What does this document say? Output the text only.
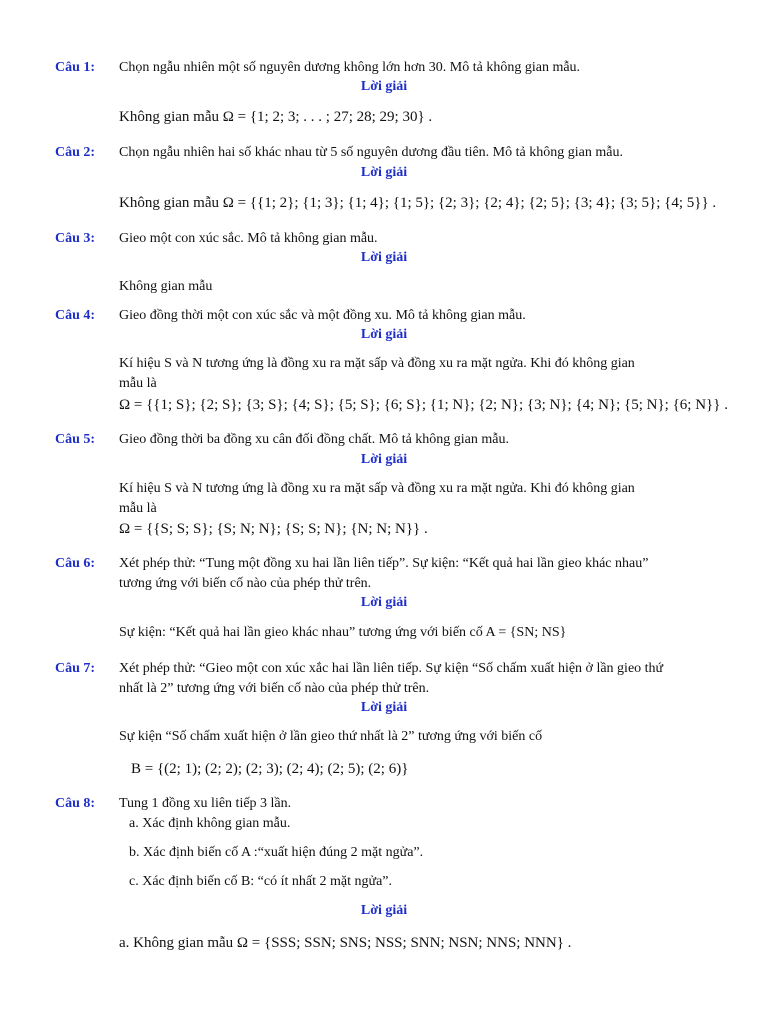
Câu 1: Chọn ngẫu nhiên một số nguyên dương không lớn hơn 30. Mô tả không gian mẫu.
Lời giải
Không gian mẫu Ω = {1; 2; 3; . . . ; 27; 28; 29; 30} .
Câu 2: Chọn ngẫu nhiên hai số khác nhau từ 5 số nguyên dương đầu tiên. Mô tả không gian mẫu.
Lời giải
Không gian mẫu Ω = {{1; 2}; {1; 3}; {1; 4}; {1; 5}; {2; 3}; {2; 4}; {2; 5}; {3; 4}; {3; 5}; {4; 5}} .
Câu 3: Gieo một con xúc sắc. Mô tả không gian mẫu.
Lời giải
Không gian mẫu
Câu 4: Gieo đồng thời một con xúc sắc và một đồng xu. Mô tả không gian mẫu.
Lời giải
Kí hiệu S và N tương ứng là đồng xu ra mặt sấp và đồng xu ra mặt ngửa. Khi đó không gian
mẫu là
Ω = {{1; S}; {2; S}; {3; S}; {4; S}; {5; S}; {6; S}; {1; N}; {2; N}; {3; N}; {4; N}; {5; N}; {6; N}} .
Câu 5: Gieo đồng thời ba đồng xu cân đối đồng chất. Mô tả không gian mẫu.
Lời giải
Kí hiệu S và N tương ứng là đồng xu ra mặt sấp và đồng xu ra mặt ngửa. Khi đó không gian
mẫu là
Ω = {{S; S; S}; {S; N; N}; {S; S; N}; {N; N; N}} .
Câu 6: Xét phép thử: “Tung một đồng xu hai lần liên tiếp”. Sự kiện: “Kết quả hai lần gieo khác nhau”
tương ứng với biến cố nào của phép thử trên.
Lời giải
Sự kiện: “Kết quả hai lần gieo khác nhau” tương ứng với biến cố A = {SN; NS}
Câu 7: Xét phép thử: “Gieo một con xúc xắc hai lần liên tiếp. Sự kiện “Số chấm xuất hiện ở lần gieo thứ
nhất là 2” tương ứng với biến cố nào của phép thử trên.
Lời giải
Sự kiện “Số chấm xuất hiện ở lần gieo thứ nhất là 2” tương ứng với biến cố
B = {(2; 1); (2; 2); (2; 3); (2; 4); (2; 5); (2; 6)}
Câu 8: Tung 1 đồng xu liên tiếp 3 lần.
a. Xác định không gian mẫu.
b. Xác định biến cố A :“xuất hiện đúng 2 mặt ngửa”.
c. Xác định biến cố B: “có ít nhất 2 mặt ngửa”.
Lời giải
a. Không gian mẫu Ω = {SSS; SSN; SNS; NSS; SNN; NSN; NNS; NNN} .
